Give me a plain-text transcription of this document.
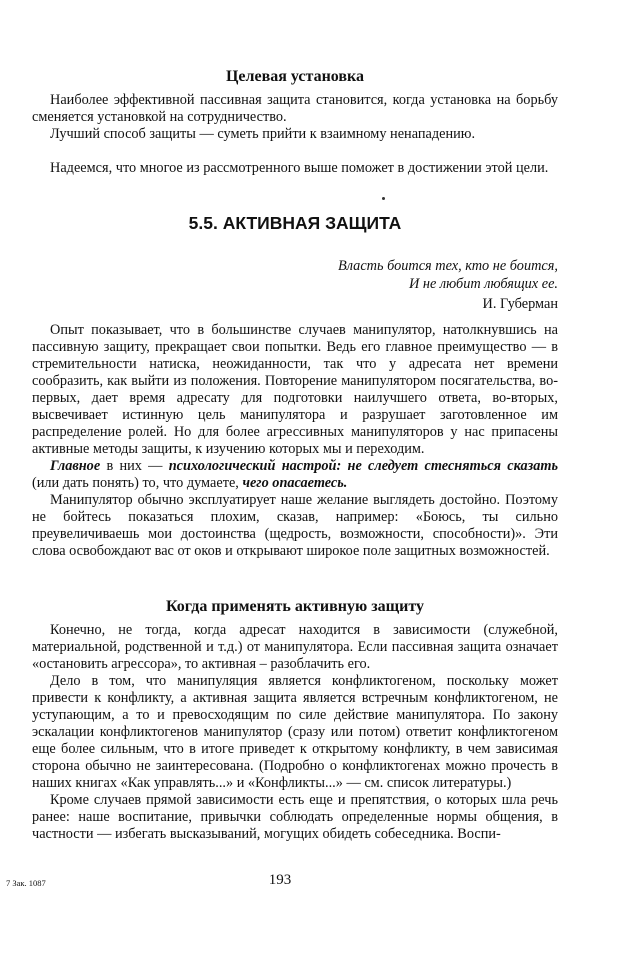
Целевая установка

Наиболее эффективной пассивная защита становится, когда установка на борьбу сменяется установкой на сотрудничество.

Лучший способ защиты — суметь прийти к взаимному ненападению.

Надеемся, что многое из рассмотренного выше поможет в достижении этой цели.

5.5. АКТИВНАЯ ЗАЩИТА
Власть боится тех, кто не боится,
И не любит любящих ее.
И. Губерман

Опыт показывает, что в большинстве случаев манипулятор, натолкнувшись на пассивную защиту, прекращает свои попытки. Ведь его главное преимущество — в стремительности натиска, неожиданности, так что у адресата нет времени сообразить, как выйти из положения. Повторение манипулятором посягательства, во-первых, дает время адресату для подготовки наилучшего ответа, во-вторых, высвечивает истинную цель манипулятора и разрушает заготовленное им распределение ролей. Но для более агрессивных манипуляторов у нас припасены активные методы защиты, к изучению которых мы и переходим.

Главное в них — психологический настрой: не следует стесняться сказать (или дать понять) то, что думаете, чего опасаетесь.

Манипулятор обычно эксплуатирует наше желание выглядеть достойно. Поэтому не бойтесь показаться плохим, сказав, например: «Боюсь, ты сильно преувеличиваешь мои достоинства (щедрость, возможности, способности)». Эти слова освобождают вас от оков и открывают широкое поле защитных возможностей.

Когда применять активную защиту

Конечно, не тогда, когда адресат находится в зависимости (служебной, материальной, родственной и т.д.) от манипулятора. Если пассивная защита означает «остановить агрессора», то активная – разоблачить его.

Дело в том, что манипуляция является конфликтогеном, поскольку может привести к конфликту, а активная защита является встречным конфликтогеном, не уступающим, а то и превосходящим по силе действие манипулятора. По закону эскалации конфликтогенов манипулятор (сразу или потом) ответит конфликтогеном еще более сильным, что в итоге приведет к открытому конфликту, в чем зависимая сторона обычно не заинтересована. (Подробно о конфликтогенах можно прочесть в наших книгах «Как управлять...» и «Конфликты...» — см. список литературы.)

Кроме случаев прямой зависимости есть еще и препятствия, о которых шла речь ранее: наше воспитание, привычки соблюдать определенные нормы общения, в частности — избегать высказываний, могущих обидеть собеседника. Воспи-

7 Зак. 1087	193
